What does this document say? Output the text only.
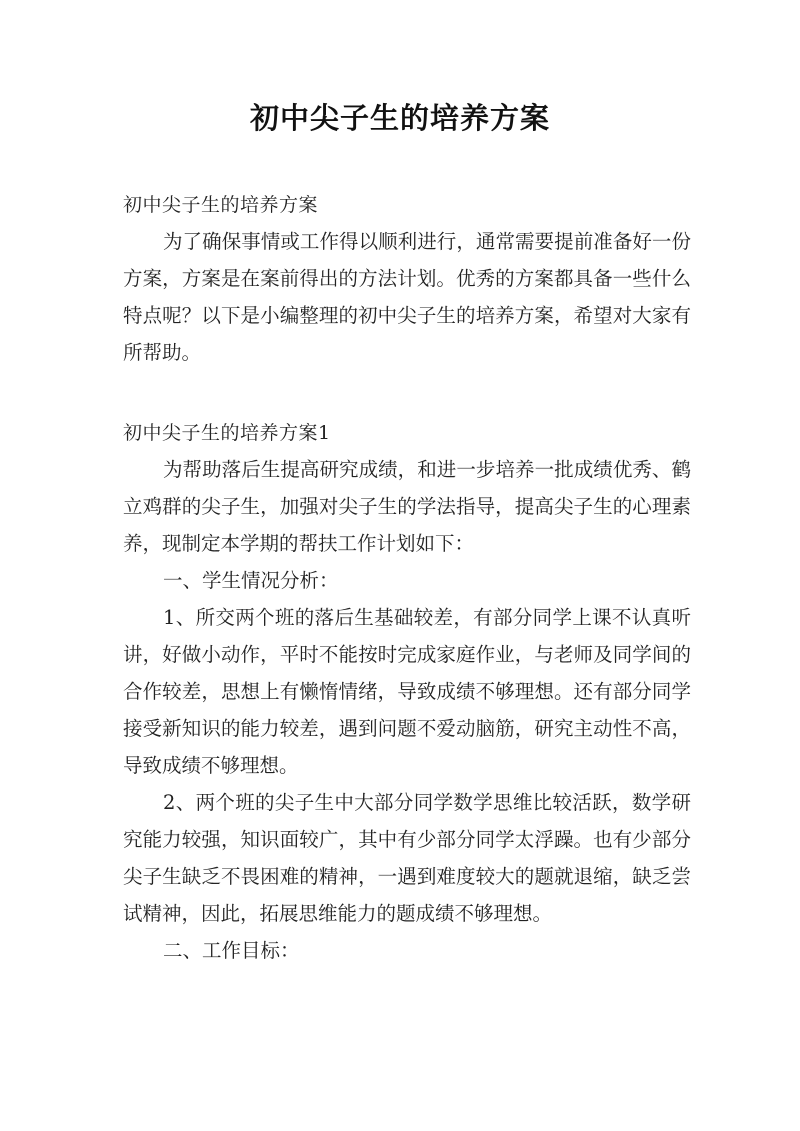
初中尖子生的培养方案
初中尖子生的培养方案

为了确保事情或工作得以顺利进行，通常需要提前准备好一份方案，方案是在案前得出的方法计划。优秀的方案都具备一些什么特点呢？以下是小编整理的初中尖子生的培养方案，希望对大家有所帮助。

初中尖子生的培养方案1

为帮助落后生提高研究成绩，和进一步培养一批成绩优秀、鹤立鸡群的尖子生，加强对尖子生的学法指导，提高尖子生的心理素养，现制定本学期的帮扶工作计划如下：

一、学生情况分析：

1、所交两个班的落后生基础较差，有部分同学上课不认真听讲，好做小动作，平时不能按时完成家庭作业，与老师及同学间的合作较差，思想上有懒惰情绪，导致成绩不够理想。还有部分同学接受新知识的能力较差，遇到问题不爱动脑筋，研究主动性不高，导致成绩不够理想。

2、两个班的尖子生中大部分同学数学思维比较活跃，数学研究能力较强，知识面较广，其中有少部分同学太浮躁。也有少部分尖子生缺乏不畏困难的精神，一遇到难度较大的题就退缩，缺乏尝试精神，因此，拓展思维能力的题成绩不够理想。

二、工作目标：
